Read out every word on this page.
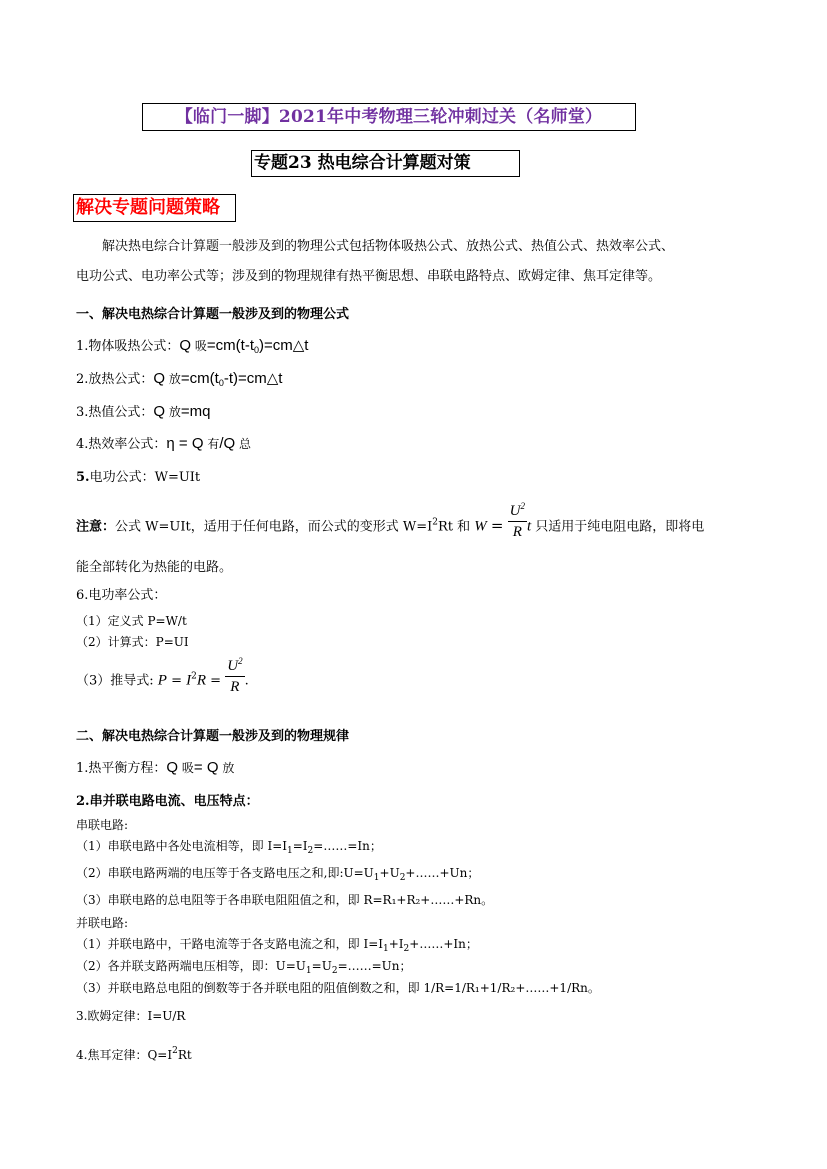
【临门一脚】2021年中考物理三轮冲刺过关（名师堂）
专题23 热电综合计算题对策
解决专题问题策略
解决热电综合计算题一般涉及到的物理公式包括物体吸热公式、放热公式、热值公式、热效率公式、
电功公式、电功率公式等；涉及到的物理规律有热平衡思想、串联电路特点、欧姆定律、焦耳定律等。
一、解决电热综合计算题一般涉及到的物理公式
1.物体吸热公式：Q 吸$=cm(t-t_0)=cm\triangle t$
2.放热公式：Q 放$=cm(t_0-t)=cm\triangle t$
3.热值公式：Q 放=mq
4.热效率公式：η = Q 有/Q 总
5.电功公式：W=UIt
注意：公式 W=UIt，适用于任何电路，而公式的变形式 $W=I^2Rt$ 和 $W = \frac{U^2}{R}$ t 只适用于纯电阻电路，即将电
能全部转化为热能的电路。
6.电功率公式：
（1）定义式 P=W/t
（2）计算式：P=UI
（3）推导式: $P = I^2R = \frac{U^2}{R}$ .
二、解决电热综合计算题一般涉及到的物理规律
1.热平衡方程：Q 吸= Q 放
2.串并联电路电流、电压特点：
串联电路:
（1）串联电路中各处电流相等，即 $I=I_1=I_2=\dots\dots=In$；
（2）串联电路两端的电压等于各支路电压之和,即$:U=U_1+U_2+\dots\dots+Un$；
（3）串联电路的总电阻等于各串联电阻阻值之和，即 R=R₁+R₂+……+Rn。
并联电路:
（1）并联电路中，干路电流等于各支路电流之和，即 $I=I_1+I_2+\dots\dots+In$；
（2）各并联支路两端电压相等，即：$U=U_1=U_2=\dots\dots=Un$；
（3）并联电路总电阻的倒数等于各并联电阻的阻值倒数之和，即 1/R=1/R₁+1/R₂+……+1/Rn。
3.欧姆定律：I=U/R
4.焦耳定律：$Q=I^2Rt$
